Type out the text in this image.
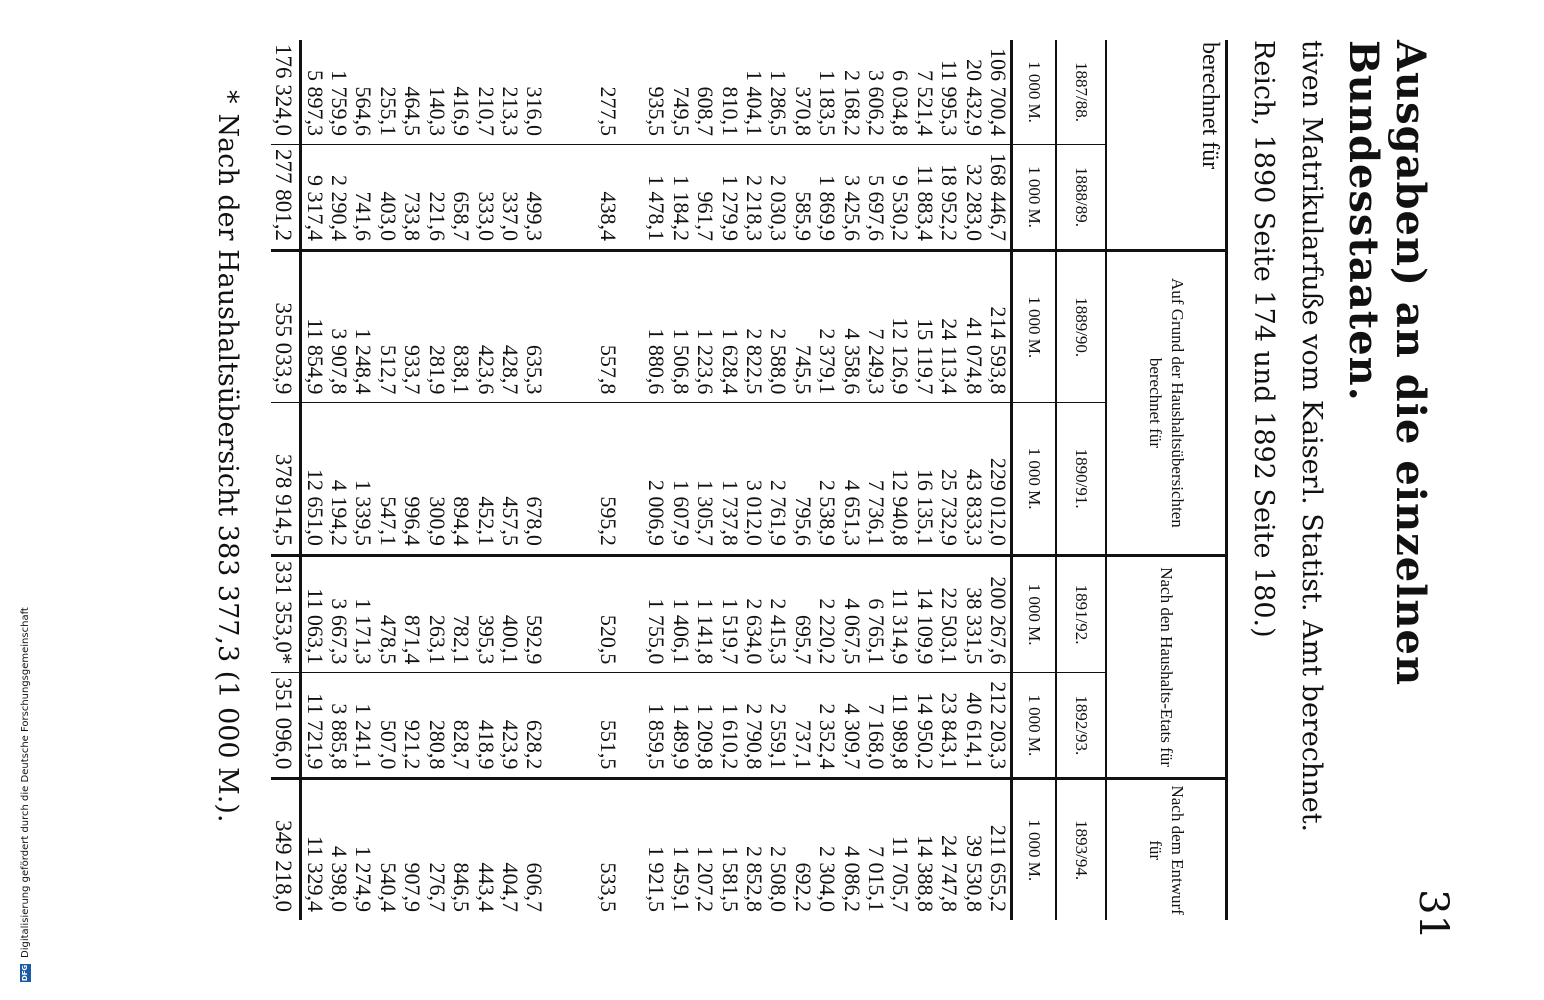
31
Ausgaben) an die einzelnen Bundesstaaten.

tiven Matrikularfuße vom Kaiserl. Statist. Amt berechnet.

Reich, 1890 Seite 174 und 1892 Seite 180.)

berechnet für		Auf Grund der Haushaltsübersichten berechnet für		Nach den Haushalts-Etats für		Nach dem Entwurf für
1887/88.	1888/89.	1889/90.	1890/91.	1891/92.	1892/93.	1893/94.
1 000 M.	1 000 M.	1 000 M.	1 000 M.	1 000 M.	1 000 M.	1 000 M.
106 700,4	168 446,7	214 593,8	229 012,0	200 267,6	212 203,3	211 655,2
20 432,9	32 283,0	41 074,8	43 833,3	38 331,5	40 614,1	39 530,8
11 995,3	18 952,2	24 113,4	25 732,9	22 503,1	23 843,1	24 747,8
7 521,4	11 883,4	15 119,7	16 135,1	14 109,9	14 950,2	14 388,8
6 034,8	9 530,2	12 126,9	12 940,8	11 314,9	11 989,8	11 705,7
3 606,2	5 697,6	7 249,3	7 736,1	6 765,1	7 168,0	7 015,1
2 168,2	3 425,6	4 358,6	4 651,3	4 067,5	4 309,7	4 086,2
1 183,5	1 869,9	2 379,1	2 538,9	2 220,2	2 352,4	2 304,0
370,8	585,9	745,5	795,6	695,7	737,1	692,2
1 286,5	2 030,3	2 588,0	2 761,9	2 415,3	2 559,1	2 508,0
1 404,1	2 218,3	2 822,5	3 012,0	2 634,0	2 790,8	2 852,8
810,1	1 279,9	1 628,4	1 737,8	1 519,7	1 610,2	1 581,5
608,7	961,7	1 223,6	1 305,7	1 141,8	1 209,8	1 207,2
749,5	1 184,2	1 506,8	1 607,9	1 406,1	1 489,9	1 459,1
935,5	1 478,1	1 880,6	2 006,9	1 755,0	1 859,5	1 921,5

277,5	438,4	557,8	595,2	520,5	551,5	533,5

316,0	499,3	635,3	678,0	592,9	628,2	606,7
213,3	337,0	428,7	457,5	400,1	423,9	404,7
210,7	333,0	423,6	452,1	395,3	418,9	443,4
416,9	658,7	838,1	894,4	782,1	828,7	846,5
140,3	221,6	281,9	300,9	263,1	280,8	276,7
464,5	733,8	933,7	996,4	871,4	921,2	907,9
255,1	403,0	512,7	547,1	478,5	507,0	540,4
564,6	741,6	1 248,4	1 339,5	1 171,3	1 241,1	1 274,9
1 759,9	2 290,4	3 907,8	4 194,2	3 667,3	3 885,8	4 398,0
5 897,3	9 317,4	11 854,9	12 651,0	11 063,1	11 721,9	11 329,4
176 324,0	277 801,2	355 033,9	378 914,5	331 353,0*	351 096,0	349 218,0
*Nach der Haushaltsübersicht 383 377,3 (1 000 M.).
DFG
Digitalisierung gefördert durch die Deutsche Forschungsgemeinschaft
